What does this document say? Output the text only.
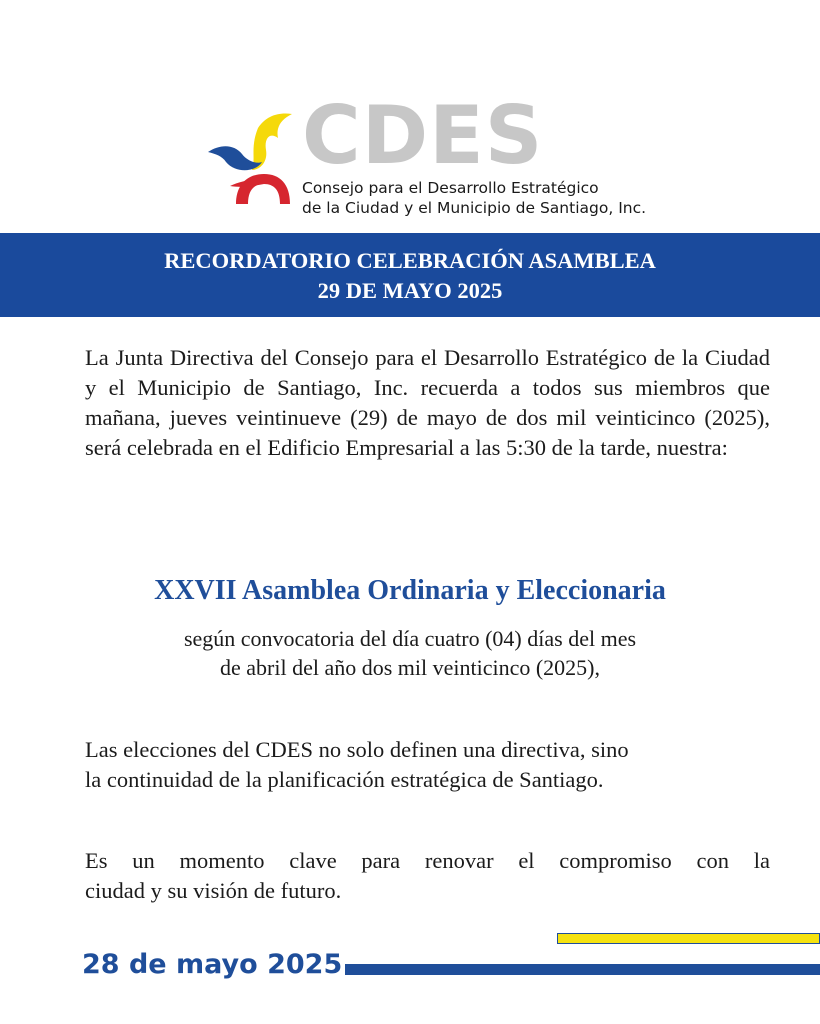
CDES
Consejo para el Desarrollo Estratégico
de la Ciudad y el Municipio de Santiago, Inc.
RECORDATORIO CELEBRACIÓN ASAMBLEA
29 DE MAYO 2025
La Junta Directiva del Consejo para el Desarrollo Estratégico de la Ciudad y el Municipio de Santiago, Inc. recuerda a todos sus miembros que mañana, jueves veintinueve (29) de mayo de dos mil veinticinco (2025), será celebrada en el Edificio Empresarial a las 5:30 de la tarde, nuestra:
XXVII Asamblea Ordinaria y Eleccionaria
según convocatoria del día cuatro (04) días del mes
de abril del año dos mil veinticinco (2025),
Las elecciones del CDES no solo definen una directiva, sino
la continuidad de la planificación estratégica de Santiago.
Es un momento clave para renovar el compromiso con la
ciudad y su visión de futuro.
28 de mayo 2025
